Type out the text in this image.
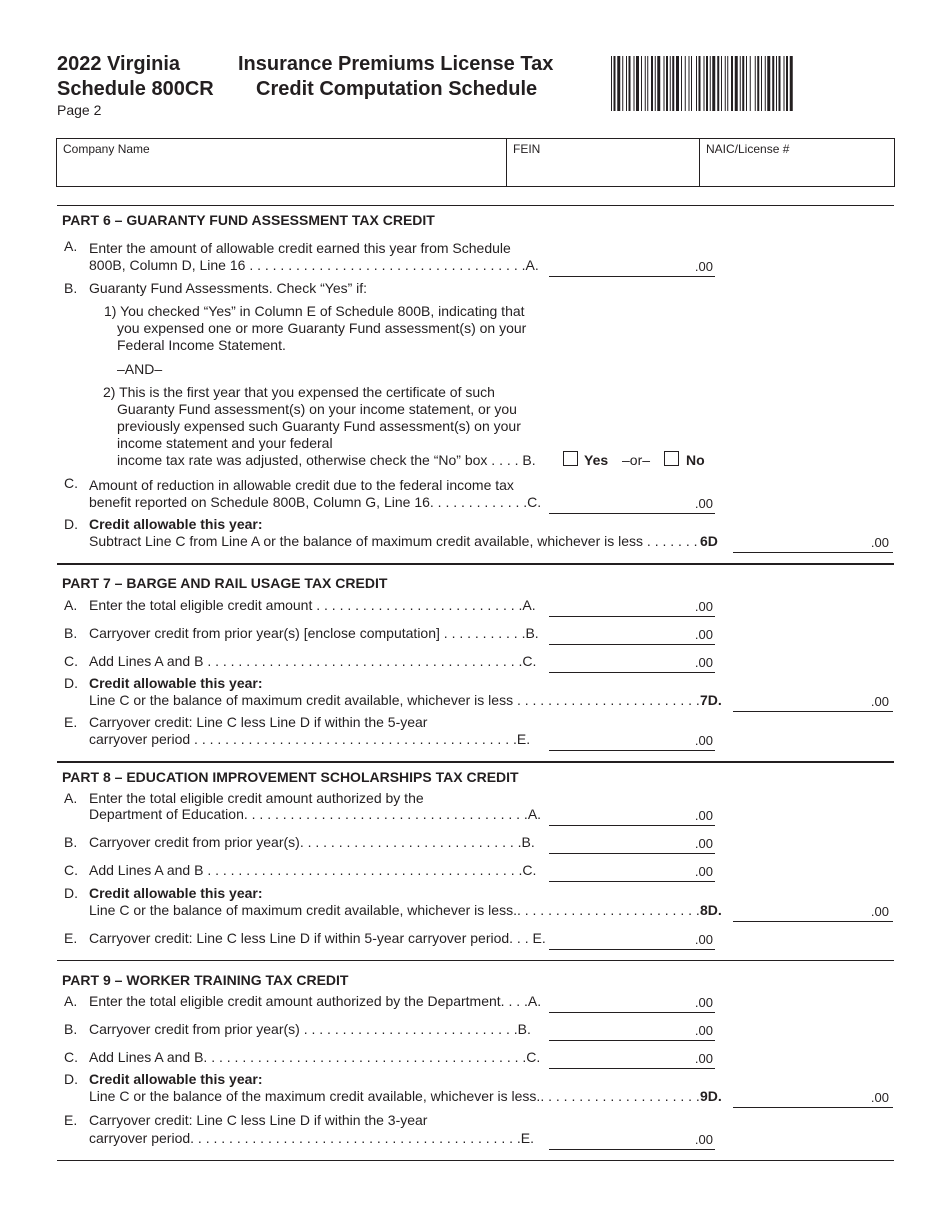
2022 Virginia
Schedule 800CR
Page 2
Insurance Premiums License Tax
Credit Computation Schedule
Company Name	FEIN	NAIC/License #
PART 6 – GUARANTY FUND ASSESSMENT TAX CREDIT
A. Enter the amount of allowable credit earned this year from Schedule
800B, Column D, Line 16 . . . . . . . . . . . . . . . . . . . . . . . . . . . . . . . . . . . .A.	.00
B. Guaranty Fund Assessments. Check “Yes” if:
1) You checked “Yes” in Column E of Schedule 800B, indicating that
you expensed one or more Guaranty Fund assessment(s) on your
Federal Income Statement.
–AND–
2) This is the first year that you expensed the certificate of such
Guaranty Fund assessment(s) on your income statement, or you
previously expensed such Guaranty Fund assessment(s) on your
income statement and your federal
income tax rate was adjusted, otherwise check the “No” box . . . . B.	Yes –or–	No
C. Amount of reduction in allowable credit due to the federal income tax
benefit reported on Schedule 800B, Column G, Line 16. . . . . . . . . . . . .C.	.00
D. Credit allowable this year:
Subtract Line C from Line A or the balance of maximum credit available, whichever is less . . . . . . . 6D	.00
PART 7 – BARGE AND RAIL USAGE TAX CREDIT
A. Enter the total eligible credit amount . . . . . . . . . . . . . . . . . . . . . . . . . . .A.	.00
B. Carryover credit from prior year(s) [enclose computation] . . . . . . . . . . .B.	.00
C. Add Lines A and B . . . . . . . . . . . . . . . . . . . . . . . . . . . . . . . . . . . . . . . . .C.	.00
D. Credit allowable this year:
Line C or the balance of maximum credit available, whichever is less . . . . . . . . . . . . . . . . . . . . . . . . 7D.	.00
E. Carryover credit: Line C less Line D if within the 5-year
carryover period . . . . . . . . . . . . . . . . . . . . . . . . . . . . . . . . . . . . . . . . . .E.	.00
PART 8 – EDUCATION IMPROVEMENT SCHOLARSHIPS TAX CREDIT
A. Enter the total eligible credit amount authorized by the
Department of Education. . . . . . . . . . . . . . . . . . . . . . . . . . . . . . . . . . . . .A.	.00
B. Carryover credit from prior year(s). . . . . . . . . . . . . . . . . . . . . . . . . . . . .B.	.00
C. Add Lines A and B . . . . . . . . . . . . . . . . . . . . . . . . . . . . . . . . . . . . . . . . .C.	.00
D. Credit allowable this year:
Line C or the balance of maximum credit available, whichever is less.. . . . . . . . . . . . . . . . . . . . . . . . 8D.	.00
E. Carryover credit: Line C less Line D if within 5-year carryover period. . . E.	.00
PART 9 – WORKER TRAINING TAX CREDIT
A. Enter the total eligible credit amount authorized by the Department. . . .A.	.00
B. Carryover credit from prior year(s) . . . . . . . . . . . . . . . . . . . . . . . . . . . .B.	.00
C. Add Lines A and B. . . . . . . . . . . . . . . . . . . . . . . . . . . . . . . . . . . . . . . . . .C.	.00
D. Credit allowable this year:
Line C or the balance of the maximum credit available, whichever is less.. . . . . . . . . . . . . . . . . . . . . 9D.	.00
E. Carryover credit: Line C less Line D if within the 3-year
carryover period. . . . . . . . . . . . . . . . . . . . . . . . . . . . . . . . . . . . . . . . . . .E.	.00
